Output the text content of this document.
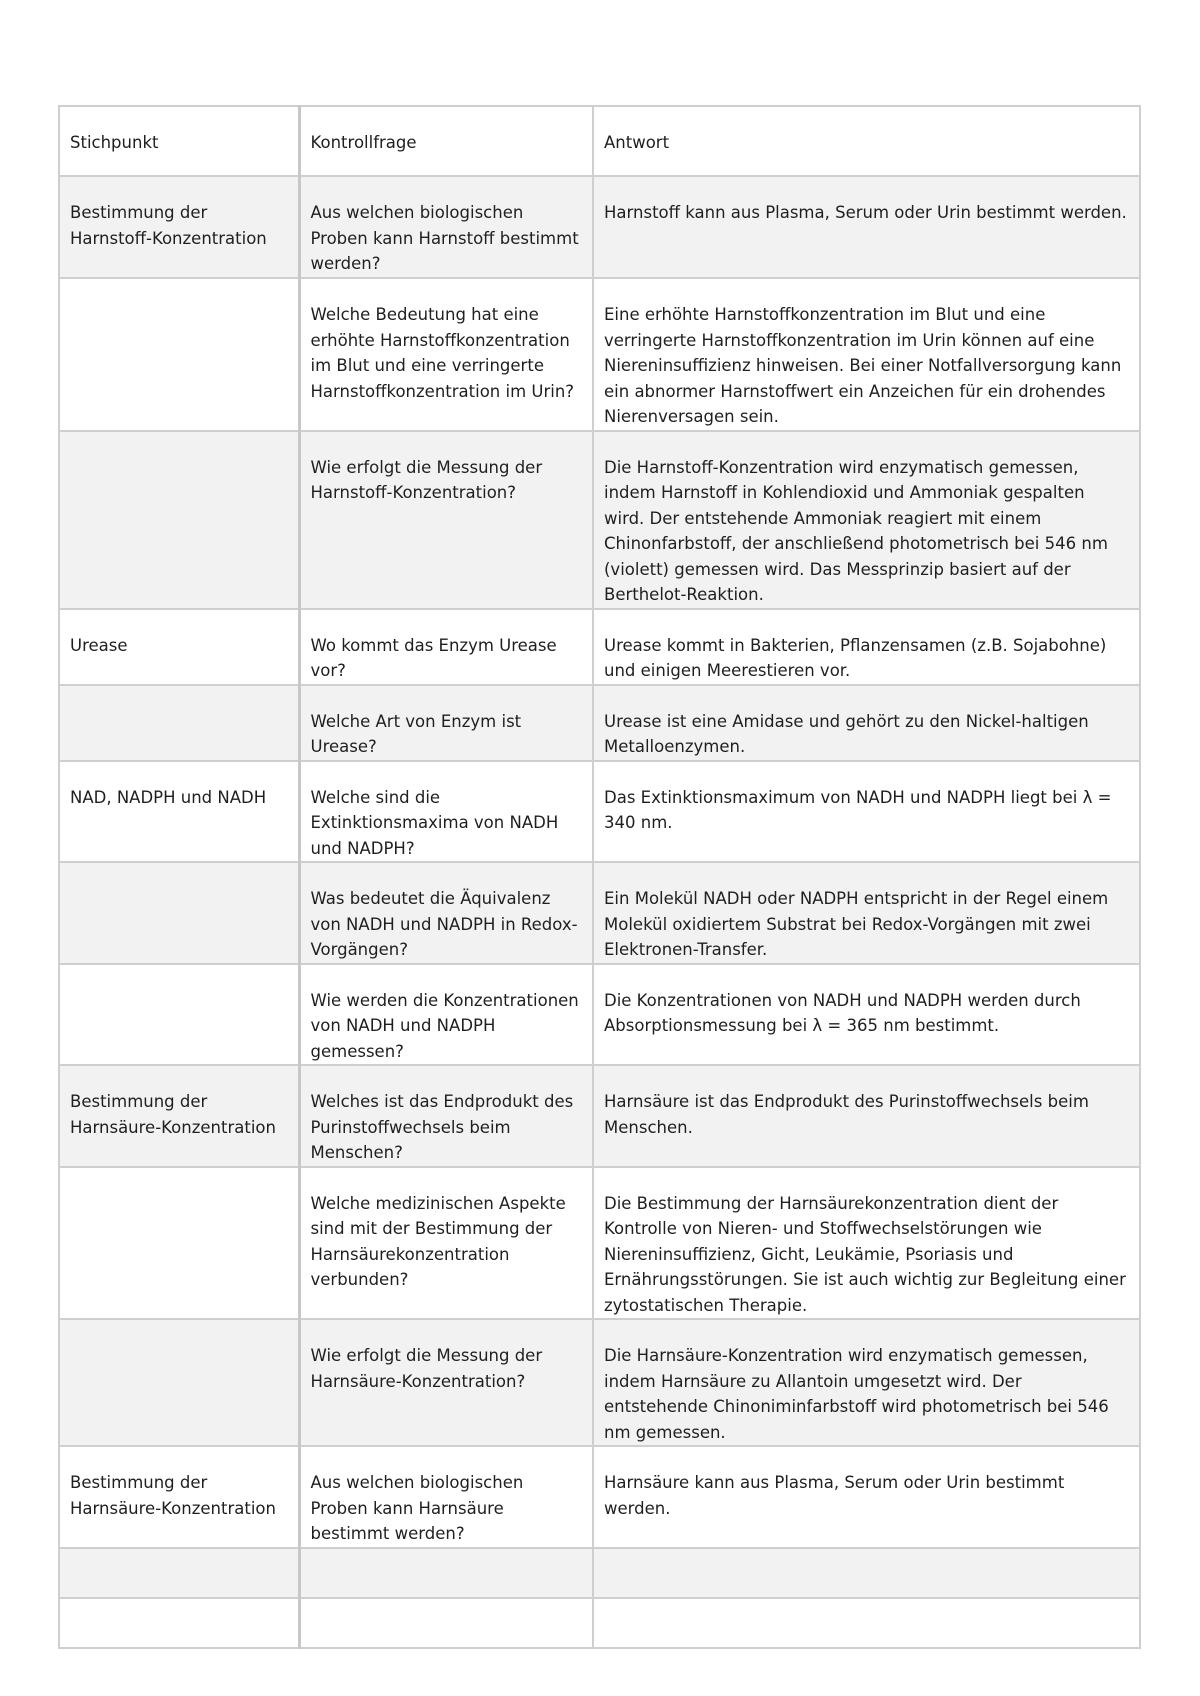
Stichpunkt	Kontrollfrage	Antwort
Bestimmung der Harnstoff-Konzentration	Aus welchen biologischen Proben kann Harnstoff bestimmt werden?	Harnstoff kann aus Plasma, Serum oder Urin bestimmt werden.
	Welche Bedeutung hat eine erhöhte Harnstoffkonzentration im Blut und eine verringerte Harnstoffkonzentration im Urin?	Eine erhöhte Harnstoffkonzentration im Blut und eine verringerte Harnstoffkonzentration im Urin können auf eine Niereninsuffizienz hinweisen. Bei einer Notfallversorgung kann ein abnormer Harnstoffwert ein Anzeichen für ein drohendes Nierenversagen sein.
	Wie erfolgt die Messung der Harnstoff-Konzentration?	Die Harnstoff-Konzentration wird enzymatisch gemessen, indem Harnstoff in Kohlendioxid und Ammoniak gespalten wird. Der entstehende Ammoniak reagiert mit einem Chinonfarbstoff, der anschließend photometrisch bei 546 nm (violett) gemessen wird. Das Messprinzip basiert auf der Berthelot-Reaktion.
Urease	Wo kommt das Enzym Urease vor?	Urease kommt in Bakterien, Pflanzensamen (z.B. Sojabohne) und einigen Meerestieren vor.
	Welche Art von Enzym ist Urease?	Urease ist eine Amidase und gehört zu den Nickel-haltigen Metalloenzymen.
NAD, NADPH und NADH	Welche sind die Extinktionsmaxima von NADH und NADPH?	Das Extinktionsmaximum von NADH und NADPH liegt bei λ = 340 nm.
	Was bedeutet die Äquivalenz von NADH und NADPH in Redox-Vorgängen?	Ein Molekül NADH oder NADPH entspricht in der Regel einem Molekül oxidiertem Substrat bei Redox-Vorgängen mit zwei Elektronen-Transfer.
	Wie werden die Konzentrationen von NADH und NADPH gemessen?	Die Konzentrationen von NADH und NADPH werden durch Absorptionsmessung bei λ = 365 nm bestimmt.
Bestimmung der Harnsäure-Konzentration	Welches ist das Endprodukt des Purinstoffwechsels beim Menschen?	Harnsäure ist das Endprodukt des Purinstoffwechsels beim Menschen.
	Welche medizinischen Aspekte sind mit der Bestimmung der Harnsäurekonzentration verbunden?	Die Bestimmung der Harnsäurekonzentration dient der Kontrolle von Nieren- und Stoffwechselstörungen wie Niereninsuffizienz, Gicht, Leukämie, Psoriasis und Ernährungsstörungen. Sie ist auch wichtig zur Begleitung einer zytostatischen Therapie.
	Wie erfolgt die Messung der Harnsäure-Konzentration?	Die Harnsäure-Konzentration wird enzymatisch gemessen, indem Harnsäure zu Allantoin umgesetzt wird. Der entstehende Chinoniminfarbstoff wird photometrisch bei 546 nm gemessen.
Bestimmung der Harnsäure-Konzentration	Aus welchen biologischen Proben kann Harnsäure bestimmt werden?	Harnsäure kann aus Plasma, Serum oder Urin bestimmt werden.
